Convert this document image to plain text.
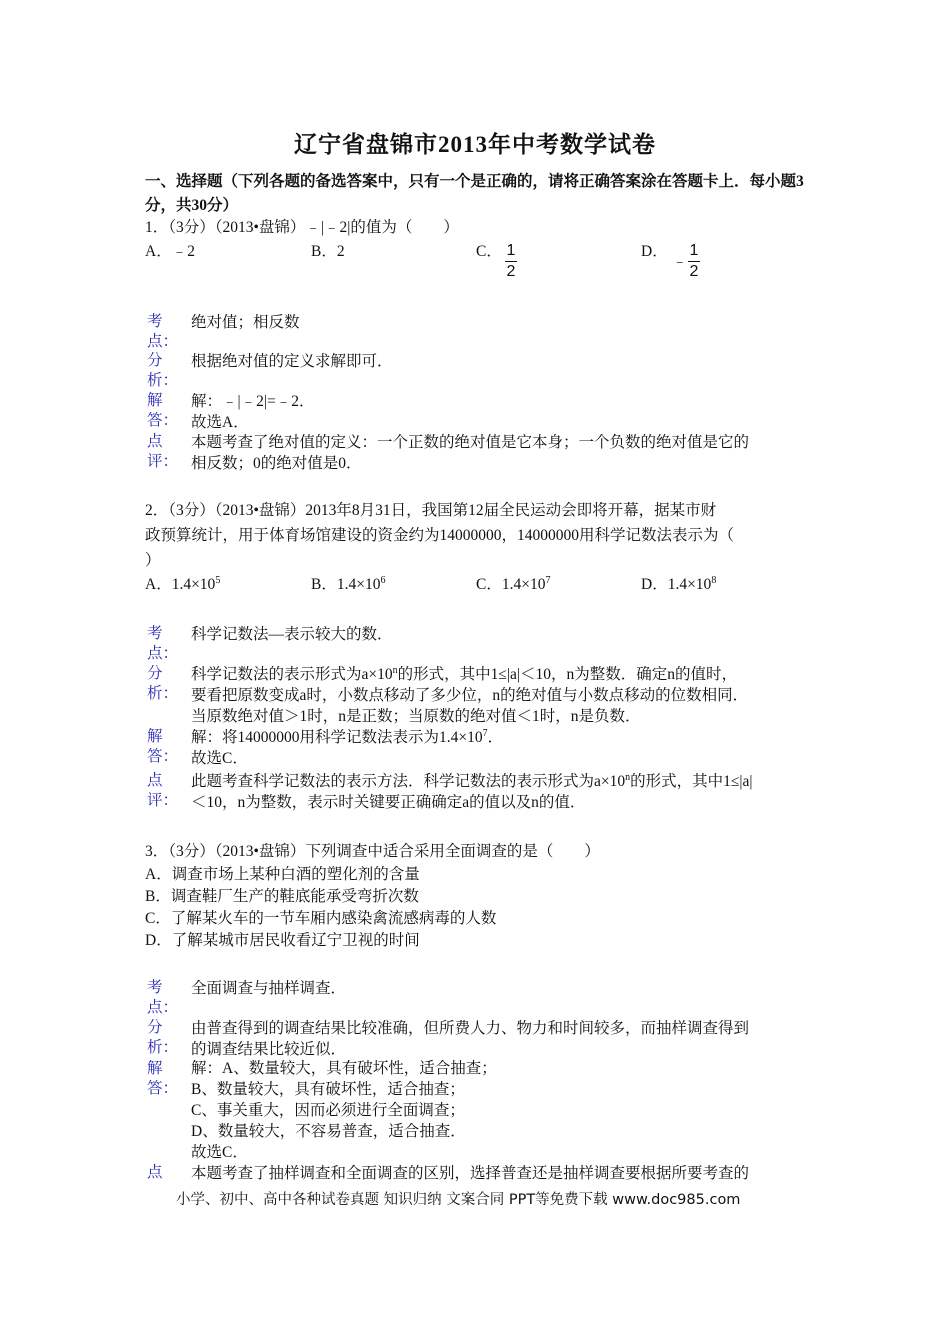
辽宁省盘锦市2013年中考数学试卷
一、选择题（下列各题的备选答案中，只有一个是正确的，请将正确答案涂在答题卡上．每小题3分，共30分）
1．（3分）（2013•盘锦）﹣|﹣2|的值为（　　）
A．﹣2	B．2	C． 1
2
D．
﹣
1
2
考
点：
绝对值；相反数
分
析：
根据绝对值的定义求解即可．
解
答：
解：﹣|﹣2|=﹣2．
故选A．
点
评：
本题考查了绝对值的定义：一个正数的绝对值是它本身；一个负数的绝对值是它的
相反数；0的绝对值是0．
2．（3分）（2013•盘锦）2013年8月31日，我国第12届全民运动会即将开幕，据某市财
政预算统计，用于体育场馆建设的资金约为14000000，14000000用科学记数法表示为（
）
A．$1.4\times 10^5$	B．$1.4\times 10^6$	C．$1.4\times 10^7$	D．$1.4\times 10^8$
考
点：
科学记数法—表示较大的数．
分
析：
科学记数法的表示形式为$a\times 10^n$的形式，其中1≤|a|＜10，n为整数．确定n的值时，
要看把原数变成a时，小数点移动了多少位，n的绝对值与小数点移动的位数相同．
当原数绝对值＞1时，n是正数；当原数的绝对值＜1时，n是负数．
解
答：
解：将14000000用科学记数法表示为$1.4\times 10^7$．
故选C．
点
评：
此题考查科学记数法的表示方法．科学记数法的表示形式为$a\times 10^n$的形式，其中1≤|a|
＜10，n为整数，表示时关键要正确确定a的值以及n的值．
3．（3分）（2013•盘锦）下列调查中适合采用全面调查的是（　　）
A．调查市场上某种白酒的塑化剂的含量
B．调查鞋厂生产的鞋底能承受弯折次数
C．了解某火车的一节车厢内感染禽流感病毒的人数
D．了解某城市居民收看辽宁卫视的时间
考
点：
全面调查与抽样调查．
分
析：
由普查得到的调查结果比较准确，但所费人力、物力和时间较多，而抽样调查得到
的调查结果比较近似．
解
答：
解：A、数量较大，具有破坏性，适合抽查；
B、数量较大，具有破坏性，适合抽查；
C、事关重大，因而必须进行全面调查；
D、数量较大，不容易普查，适合抽查．
故选C．
点 本题考查了抽样调查和全面调查的区别，选择普查还是抽样调查要根据所要考查的
小学、初中、高中各种试卷真题 知识归纳 文案合同 PPT等免费下载 www.doc985.com
